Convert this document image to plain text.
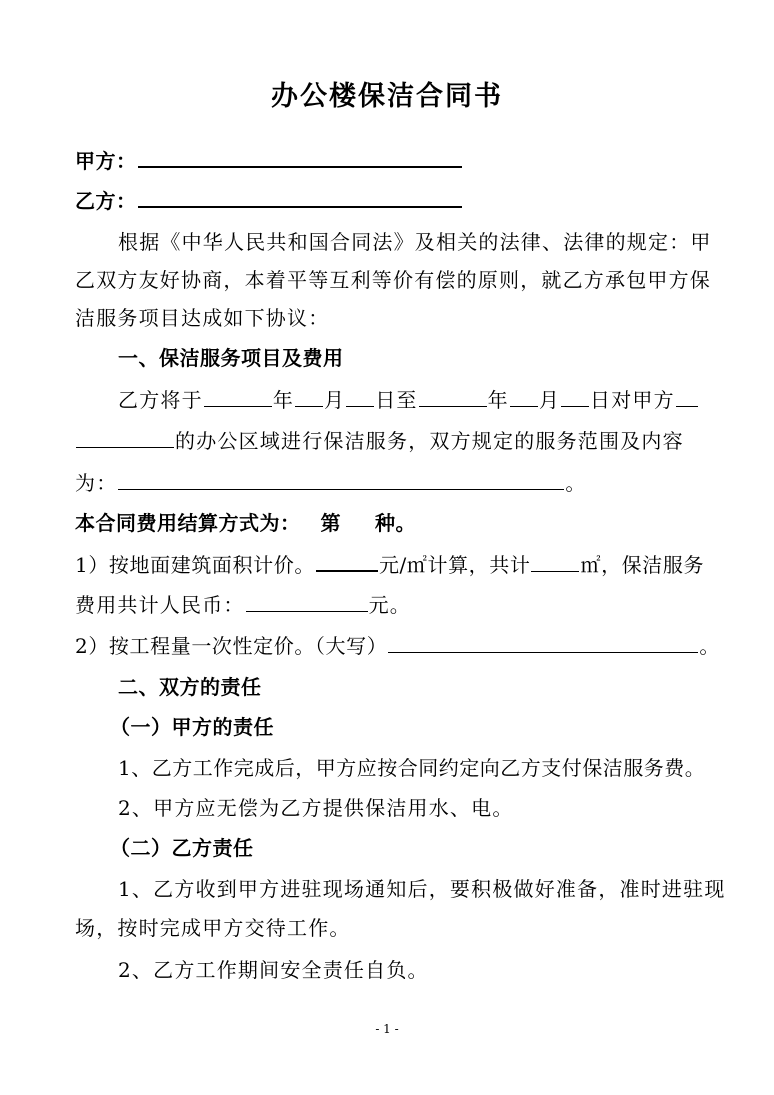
办公楼保洁合同书
甲方：
乙方：
根据《中华人民共和国合同法》及相关的法律、法律的规定：甲
乙双方友好协商，本着平等互利等价有偿的原则，就乙方承包甲方保
洁服务项目达成如下协议：
一、保洁服务项目及费用
乙方将于	年 月 日至	年 月 日对甲方
的办公区域进行保洁服务，双方规定的服务范围及内容
为：	。
本合同费用结算方式为： 第 种。
1）按地面建筑面积计价。	元/㎡计算，共计	㎡，保洁服务
费用共计人民币：	元。
2）按工程量一次性定价。（大写）	。
二、双方的责任
（一）甲方的责任
1、乙方工作完成后，甲方应按合同约定向乙方支付保洁服务费。
2、甲方应无偿为乙方提供保洁用水、电。
（二）乙方责任
1、乙方收到甲方进驻现场通知后，要积极做好准备，准时进驻现
场，按时完成甲方交待工作。
2、乙方工作期间安全责任自负。
- 1 -
